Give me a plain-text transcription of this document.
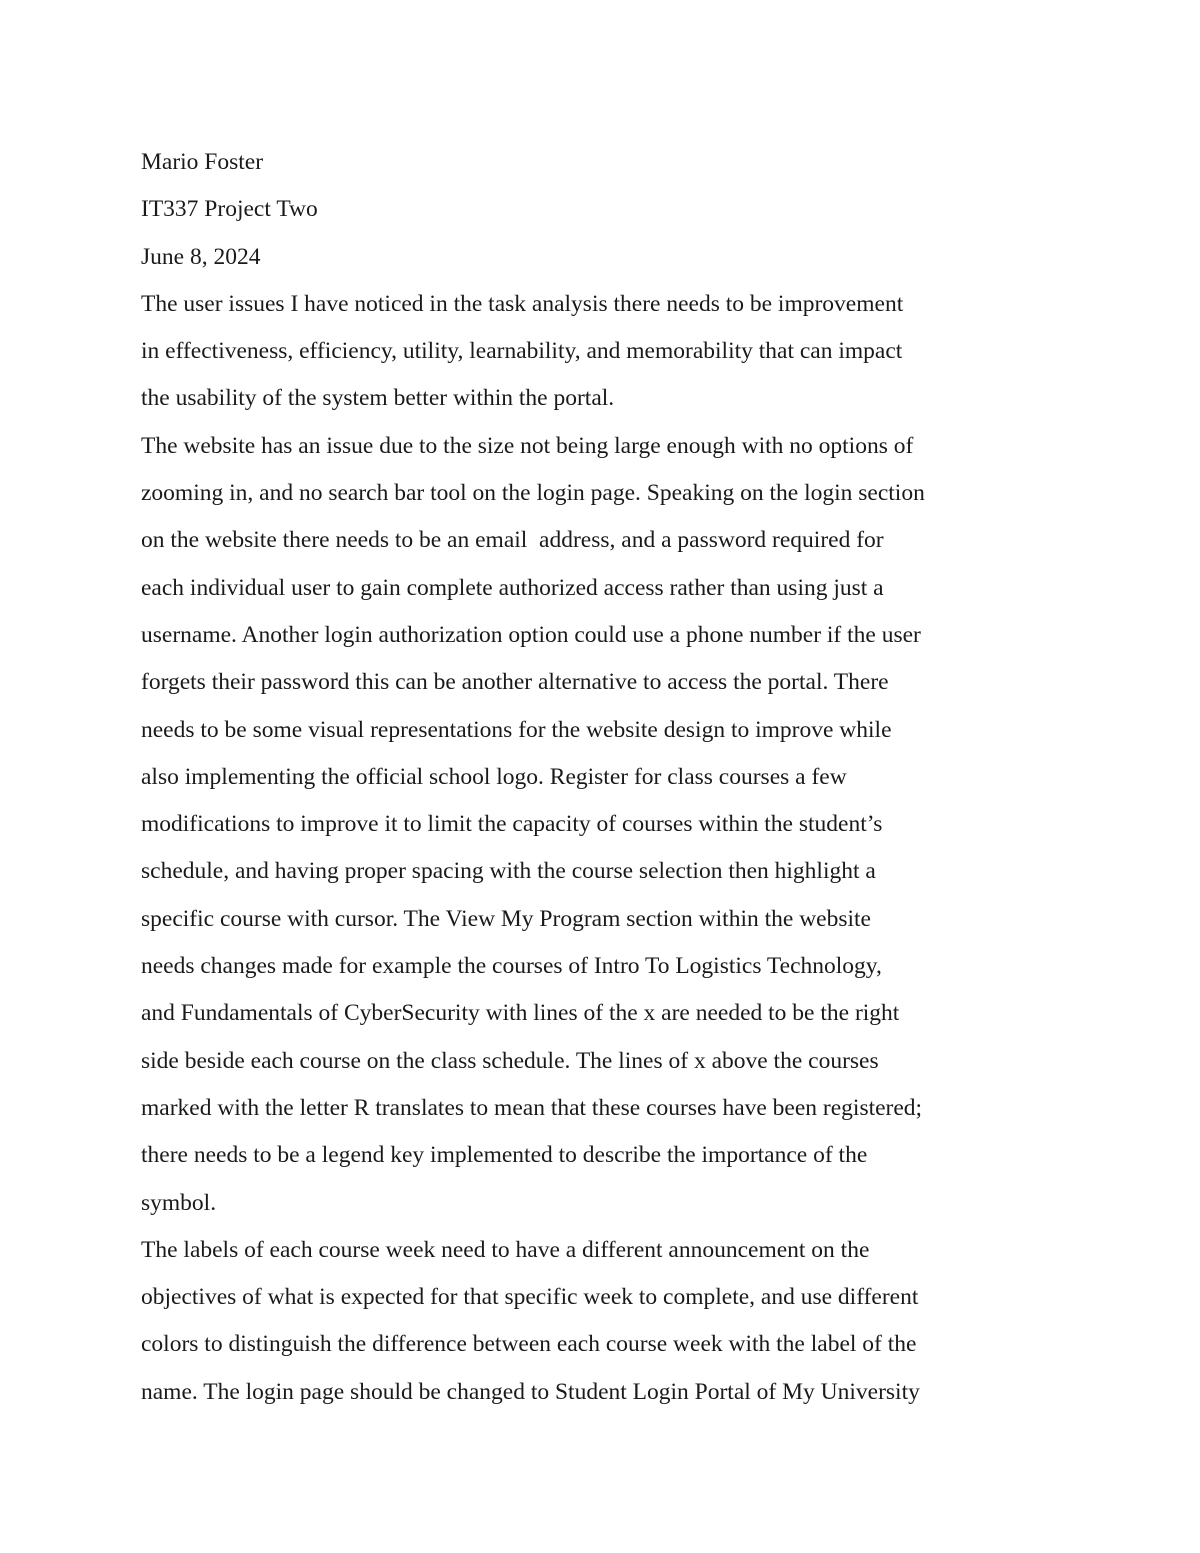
Mario Foster

IT337 Project Two

June 8, 2024

The user issues I have noticed in the task analysis there needs to be improvement
in effectiveness, efficiency, utility, learnability, and memorability that can impact
the usability of the system better within the portal.

The website has an issue due to the size not being large enough with no options of
zooming in, and no search bar tool on the login page. Speaking on the login section
on the website there needs to be an email  address, and a password required for
each individual user to gain complete authorized access rather than using just a
username. Another login authorization option could use a phone number if the user
forgets their password this can be another alternative to access the portal. There
needs to be some visual representations for the website design to improve while
also implementing the official school logo. Register for class courses a few
modifications to improve it to limit the capacity of courses within the student’s
schedule, and having proper spacing with the course selection then highlight a
specific course with cursor. The View My Program section within the website
needs changes made for example the courses of Intro To Logistics Technology,
and Fundamentals of CyberSecurity with lines of the x are needed to be the right
side beside each course on the class schedule. The lines of x above the courses
marked with the letter R translates to mean that these courses have been registered;
there needs to be a legend key implemented to describe the importance of the
symbol.

The labels of each course week need to have a different announcement on the
objectives of what is expected for that specific week to complete, and use different
colors to distinguish the difference between each course week with the label of the
name. The login page should be changed to Student Login Portal of My University
